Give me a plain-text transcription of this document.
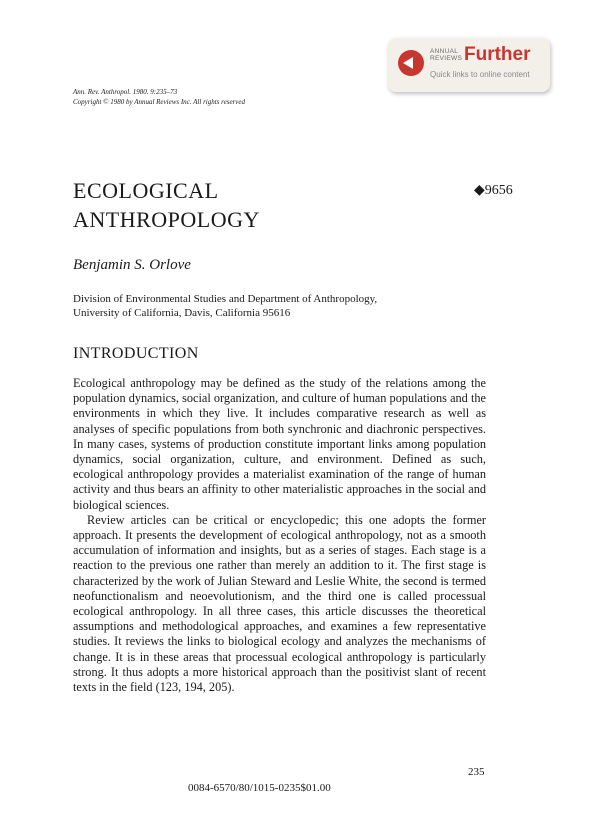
ANNUAL REVIEWS Further
Quick links to online content
Ann. Rev. Anthropol. 1980. 9:235–73
Copyright © 1980 by Annual Reviews Inc. All rights reserved
ECOLOGICAL
ANTHROPOLOGY
◆9656
Benjamin S. Orlove
Division of Environmental Studies and Department of Anthropology,
University of California, Davis, California 95616
INTRODUCTION

Ecological anthropology may be defined as the study of the relations among the population dynamics, social organization, and culture of human populations and the environments in which they live. It includes comparative research as well as analyses of specific populations from both synchronic and diachronic perspectives. In many cases, systems of production constitute important links among population dynamics, social organization, culture, and environment. Defined as such, ecological anthropology provides a materialist examination of the range of human activity and thus bears an affinity to other materialistic approaches in the social and biological sciences.

Review articles can be critical or encyclopedic; this one adopts the former approach. It presents the development of ecological anthropology, not as a smooth accumulation of information and insights, but as a series of stages. Each stage is a reaction to the previous one rather than merely an addition to it. The first stage is characterized by the work of Julian Steward and Leslie White, the second is termed neofunctionalism and neoevolutionism, and the third one is called processual ecological anthropology. In all three cases, this article discusses the theoretical assumptions and methodological approaches, and examines a few representative studies. It reviews the links to biological ecology and analyzes the mechanisms of change. It is in these areas that processual ecological anthropology is particularly strong. It thus adopts a more historical approach than the positivist slant of recent texts in the field (123, 194, 205).

235
0084-6570/80/1015-0235$01.00
